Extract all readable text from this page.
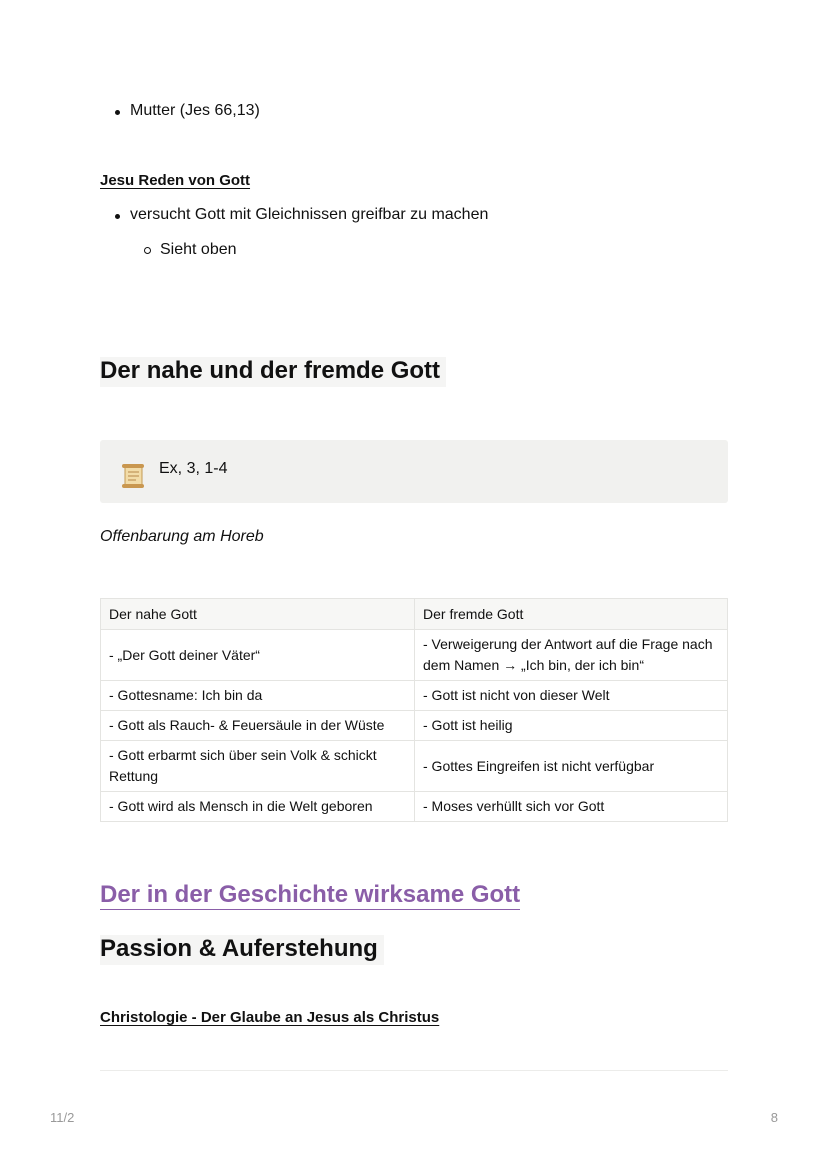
Mutter (Jes 66,13)
Jesu Reden von Gott
versucht Gott mit Gleichnissen greifbar zu machen
Sieht oben
Der nahe und der fremde Gott
Ex, 3, 1-4
Offenbarung am Horeb
Der nahe Gott	Der fremde Gott
- „Der Gott deiner Väter“	- Verweigerung der Antwort auf die Frage nach dem Namen → „Ich bin, der ich bin“
- Gottesname: Ich bin da	- Gott ist nicht von dieser Welt
- Gott als Rauch- & Feuersäule in der Wüste	- Gott ist heilig
- Gott erbarmt sich über sein Volk & schickt Rettung	- Gottes Eingreifen ist nicht verfügbar
- Gott wird als Mensch in die Welt geboren	- Moses verhüllt sich vor Gott
Der in der Geschichte wirksame Gott
Passion & Auferstehung
Christologie - Der Glaube an Jesus als Christus
11/2	8
